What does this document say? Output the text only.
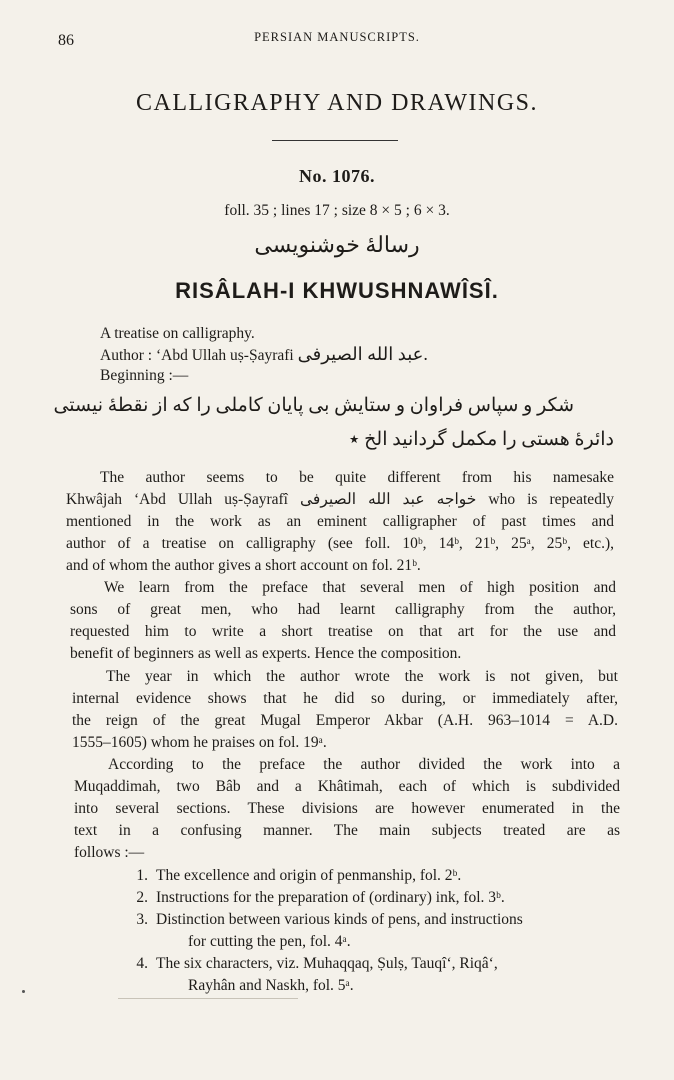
86	PERSIAN MANUSCRIPTS.
CALLIGRAPHY AND DRAWINGS.
No. 1076.
foll. 35 ; lines 17 ; size 8 × 5 ; 6 × 3.
رسالۀ خوشنویسی
RISÂLAH-I KHWUSHNAWÎSÎ.
A treatise on calligraphy.
Author : ‘Abd Ullah uṣ-Ṣayrafi عبد الله الصیرفی.
Beginning :—
شکر و سپاس فراوان و ستایش بی پایان کاملی را که از نقطۀ نیستی
دائرۀ هستی را مکمل گردانید الخ ٭
The author seems to be quite different from his namesake
Khwâjah ‘Abd Ullah uṣ-Ṣayrafî خواجه عبد الله الصیرفی who is repeatedly
mentioned in the work as an eminent calligrapher of past times and
author of a treatise on calligraphy (see foll. 10ᵇ, 14ᵇ, 21ᵇ, 25ᵃ, 25ᵇ, etc.),
and of whom the author gives a short account on fol. 21ᵇ.
We learn from the preface that several men of high position and
sons of great men, who had learnt calligraphy from the author,
requested him to write a short treatise on that art for the use and
benefit of beginners as well as experts. Hence the composition.
The year in which the author wrote the work is not given, but
internal evidence shows that he did so during, or immediately after,
the reign of the great Mugal Emperor Akbar (A.H. 963–1014 = A.D.
1555–1605) whom he praises on fol. 19ᵃ.
According to the preface the author divided the work into a
Muqaddimah, two Bâb and a Khâtimah, each of which is subdivided
into several sections. These divisions are however enumerated in the
text in a confusing manner. The main subjects treated are as
follows :—
1. The excellence and origin of penmanship, fol. 2ᵇ.
2. Instructions for the preparation of (ordinary) ink, fol. 3ᵇ.
3. Distinction between various kinds of pens, and instructions
for cutting the pen, fol. 4ᵃ.
4. The six characters, viz. Muhaqqaq, Ṣulṣ, Tauqî‘, Riqâ‘,
Rayhân and Naskh, fol. 5ᵃ.
